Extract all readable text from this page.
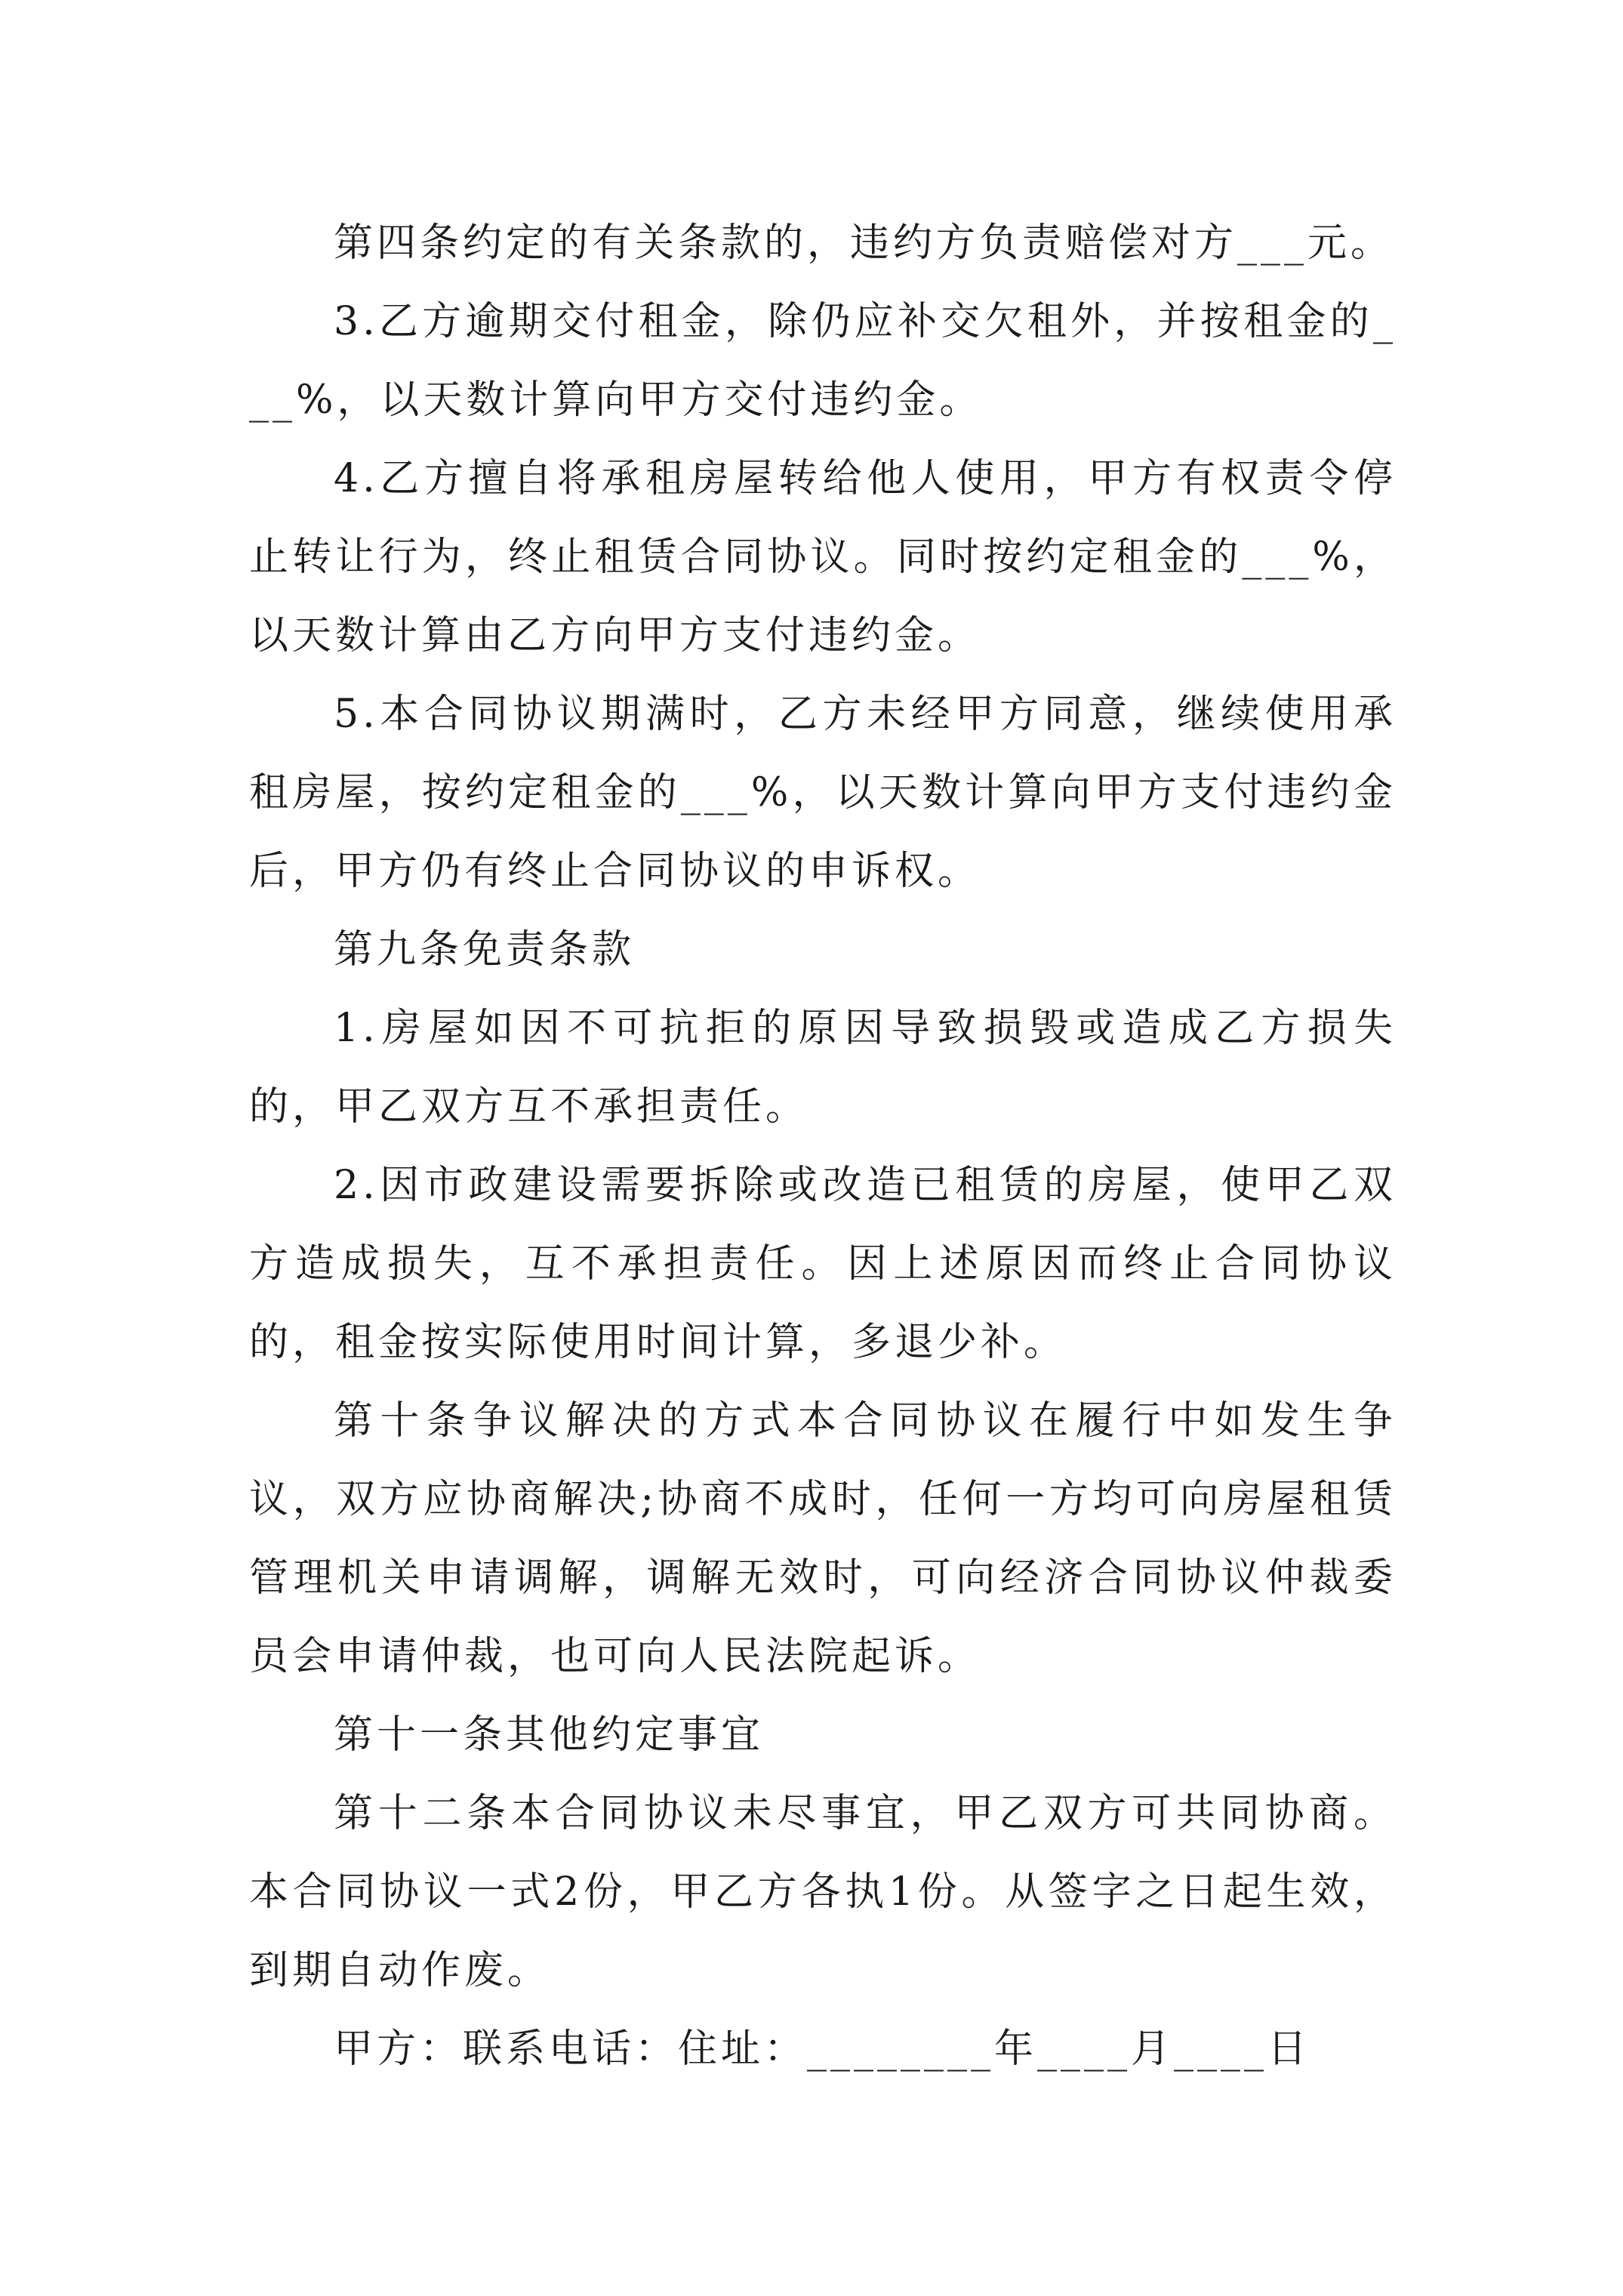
第四条约定的有关条款的，违约方负责赔偿对方___元。

3.乙方逾期交付租金，除仍应补交欠租外，并按租金的___%，以天数计算向甲方交付违约金。

4.乙方擅自将承租房屋转给他人使用，甲方有权责令停止转让行为，终止租赁合同协议。同时按约定租金的___%，以天数计算由乙方向甲方支付违约金。

5.本合同协议期满时，乙方未经甲方同意，继续使用承租房屋，按约定租金的___%，以天数计算向甲方支付违约金后，甲方仍有终止合同协议的申诉权。

第九条免责条款

1.房屋如因不可抗拒的原因导致损毁或造成乙方损失的，甲乙双方互不承担责任。

2.因市政建设需要拆除或改造已租赁的房屋，使甲乙双方造成损失，互不承担责任。因上述原因而终止合同协议的，租金按实际使用时间计算，多退少补。

第十条争议解决的方式本合同协议在履行中如发生争议，双方应协商解决;协商不成时，任何一方均可向房屋租赁管理机关申请调解，调解无效时，可向经济合同协议仲裁委员会申请仲裁，也可向人民法院起诉。

第十一条其他约定事宜

第十二条本合同协议未尽事宜，甲乙双方可共同协商。本合同协议一式2份，甲乙方各执1份。从签字之日起生效，到期自动作废。

甲方：联系电话：住址：________年____月____日
